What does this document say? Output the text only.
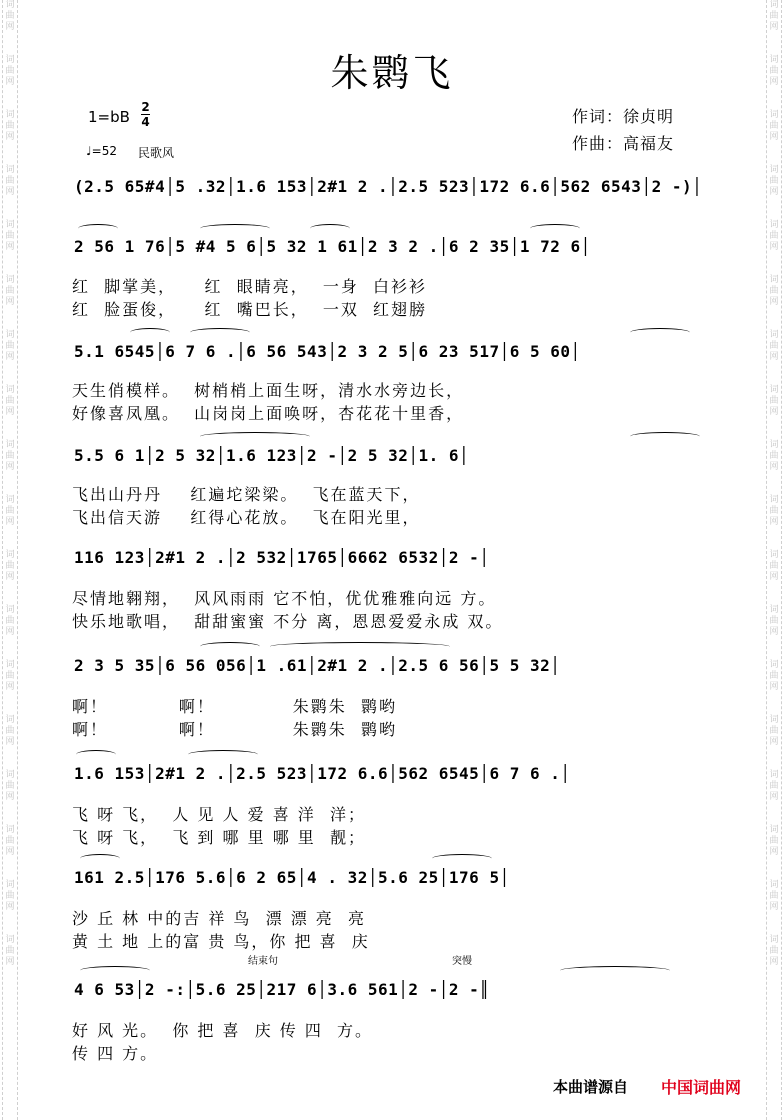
词
曲
网

词
曲
网

词
曲
网

词
曲
网

词
曲
网

词
曲
网

词
曲
网

词
曲
网

词
曲
网

词
曲
网

词
曲
网

词
曲
网

词
曲
网

词
曲
网

词
曲
网

词
曲
网

词
曲
网

词
曲
网

词
曲
网

词
曲
网

词
曲
网

词
曲
网

词
曲
网

词
曲
网

词
曲
网

词
曲
网

词
曲
网

词
曲
网

词
曲
网

词
曲
网

词
曲
网

词
曲
网

词
曲
网

词
曲
网

词
曲
网

词
曲
网

朱鹮飞
1=bB
2
4
♩=52 民歌风
作词：徐贞明
作曲：高福友
(2.5 65#4│5 .32│1.6 153│2#1 2 .│2.5 523│172 6.6│562 6543│2 -)│
2 56 1 76│5 #4 5 6│5 32 1 61│2 3 2 .│6 2 35│1 72 6│
红  脚掌美，    红  眼睛亮，  一身  白衫衫
红  脸蛋俊，    红  嘴巴长，  一双  红翅膀
5.1 6545│6 7 6 .│6 56 543│2 3 2 5│6 23 517│6 5 60│
天生俏模样。  树梢梢上面生呀，清水水旁边长，
好像喜凤凰。  山岗岗上面唤呀，杏花花十里香，
5.5 6 1│2 5 32│1.6 123│2 -│2 5 32│1. 6│
飞出山丹丹    红遍坨梁梁。  飞在蓝天下，
飞出信天游    红得心花放。  飞在阳光里，
116 123│2#1 2 .│2 532│1765│6662 6532│2 -│
尽情地翱翔，  风风雨雨 它不怕，优优雅雅向远 方。
快乐地歌唱，  甜甜蜜蜜 不分 离，恩恩爱爱永成 双。
2 3 5 35│6 56 056│1 .61│2#1 2 .│2.5 6 56│5 5 32│
啊！          啊！           朱鹮朱  鹮哟
啊！          啊！           朱鹮朱  鹮哟
1.6 153│2#1 2 .│2.5 523│172 6.6│562 6545│6 7 6 .│
飞 呀 飞，  人 见 人 爱 喜 洋  洋；
飞 呀 飞，  飞 到 哪 里 哪 里  靓；
161 2.5│176 5.6│6 2 65│4 . 32│5.6 25│176 5│
沙 丘 林 中的吉 祥 鸟  漂 漂 亮  亮
黄 土 地 上的富 贵 鸟，你 把 喜  庆
结束句	突慢
4 6 53│2 -:│5.6 25│217 6│3.6 561│2 -│2 -║
好 风 光。  你 把 喜  庆 传 四  方。
传 四 方。
本曲谱源自 中国词曲网
